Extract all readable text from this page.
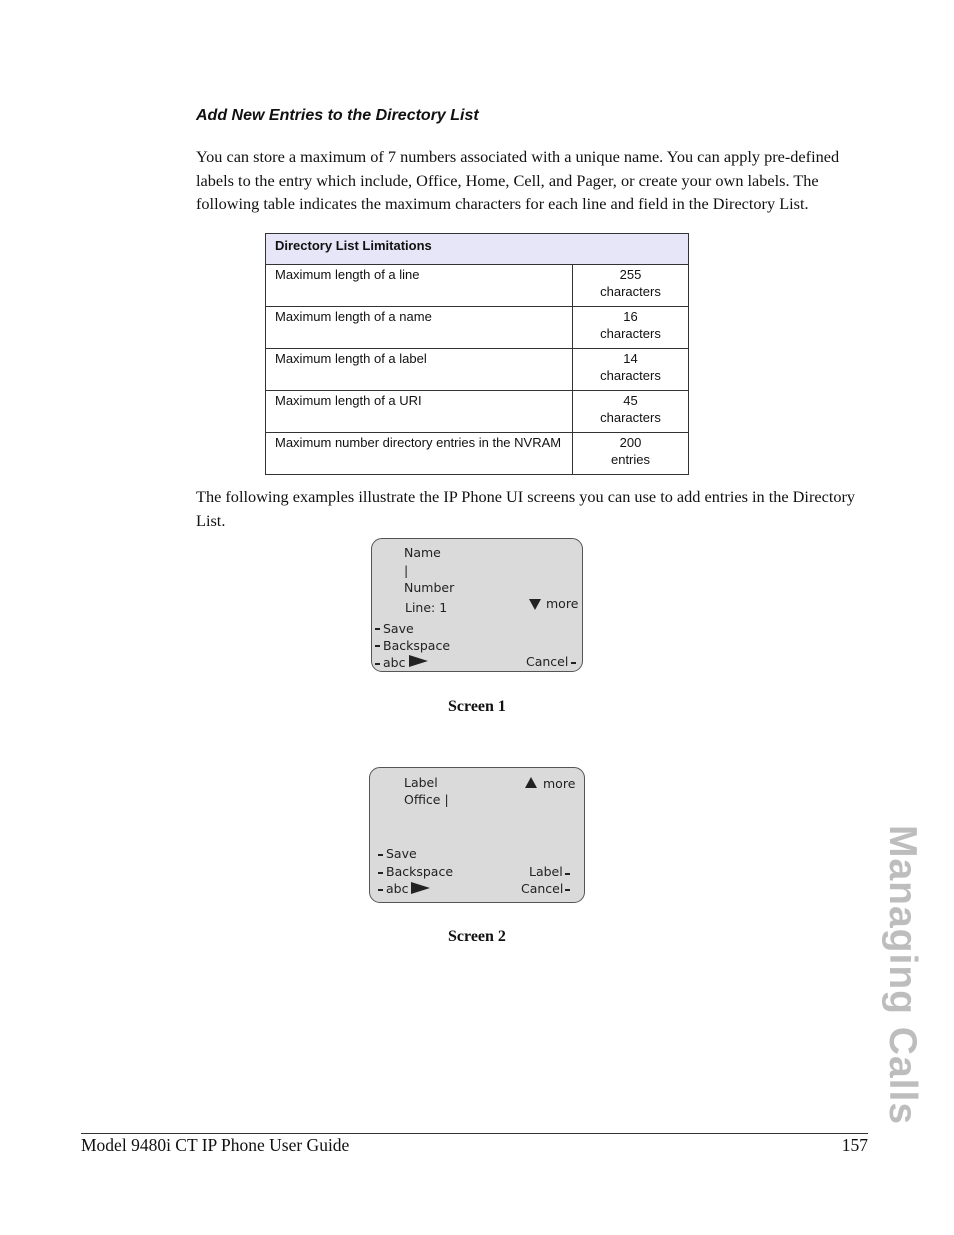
Add New Entries to the Directory List

You can store a maximum of 7 numbers associated with a unique name. You can apply pre-defined labels to the entry which include, Office, Home, Cell, and Pager, or create your own labels. The following table indicates the maximum characters for each line and field in the Directory List.

Directory List Limitations	
Maximum length of a line	255
characters
Maximum length of a name	16
characters
Maximum length of a label	14
characters
Maximum length of a URI	45
characters
Maximum number directory entries in the NVRAM	200
entries

The following examples illustrate the IP Phone UI screens you can use to add entries in the Directory List.

Name
|
Number
Line: 1	more
Save
Backspace
abc	Cancel
Screen 1
Label
Office |
more
Save
Backspace
abc
Label
Cancel
Screen 2	Managing Calls
Model 9480i CT IP Phone User Guide	157
